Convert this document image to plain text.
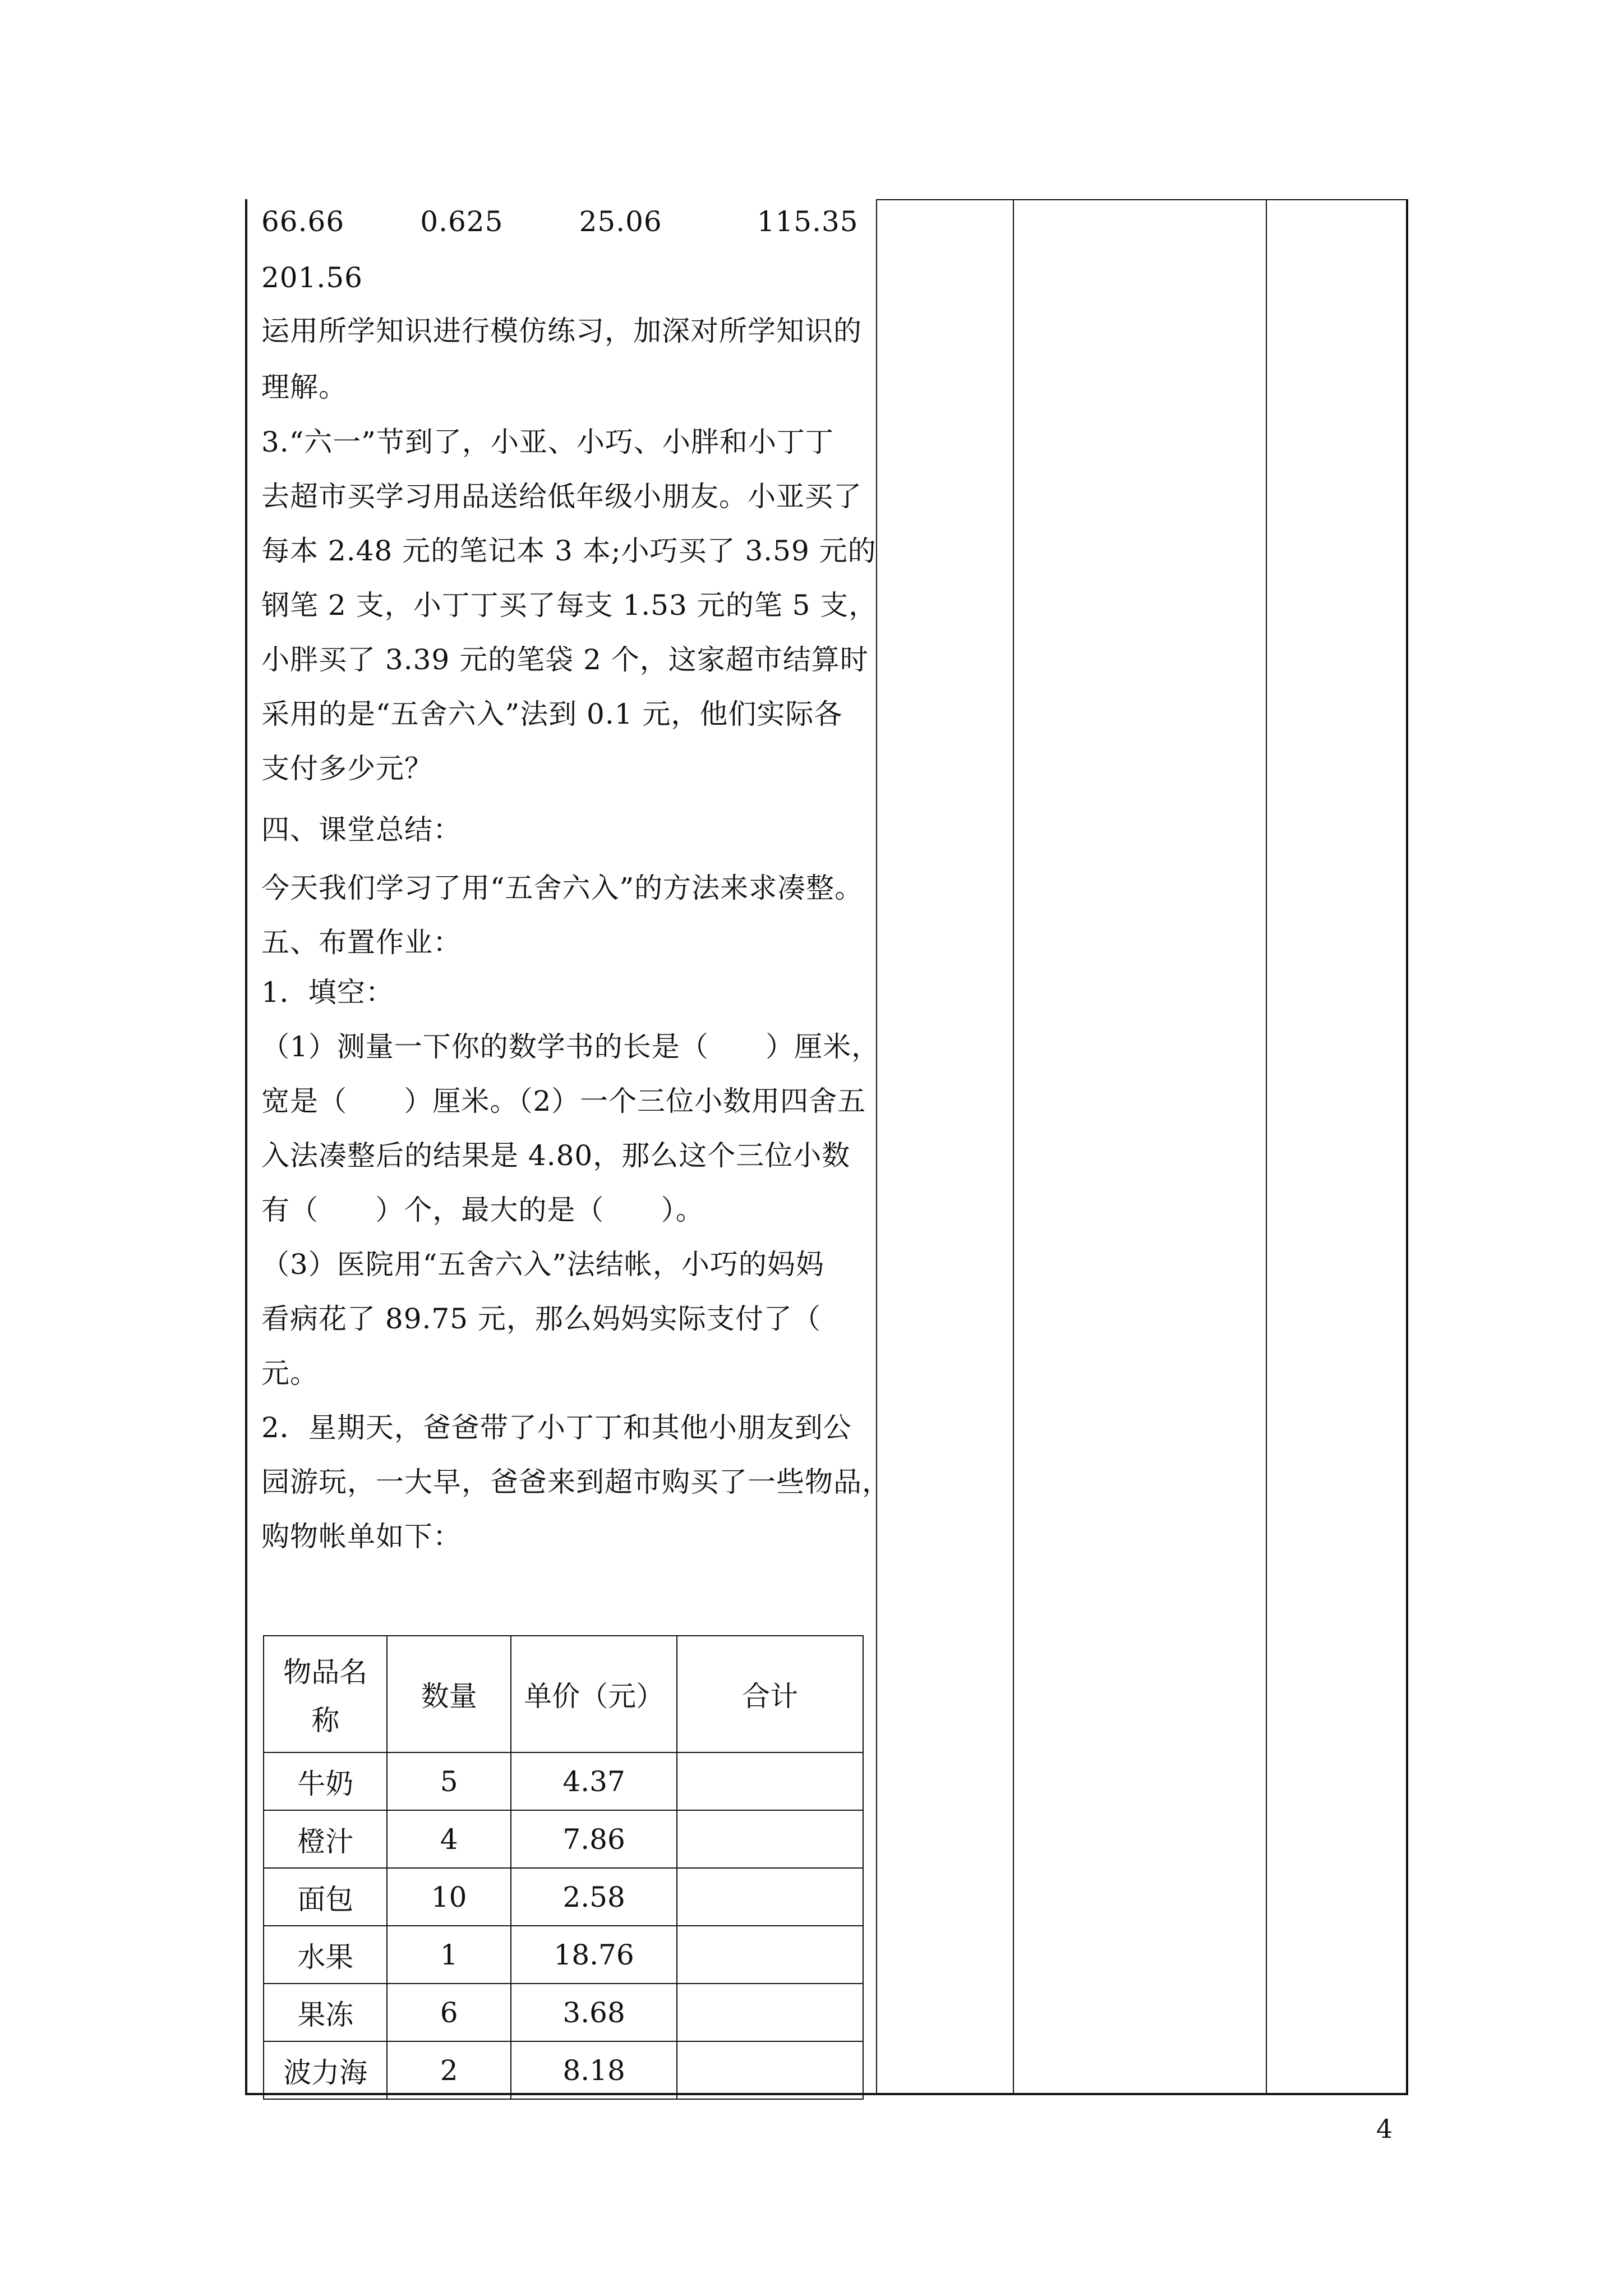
66.66        0.625        25.06          115.35
201.56
运用所学知识进行模仿练习，加深对所学知识的
理解。
3.“六一”节到了，小亚、小巧、小胖和小丁丁
去超市买学习用品送给低年级小朋友。小亚买了
每本 2.48 元的笔记本 3 本;小巧买了 3.59 元的
钢笔 2 支，小丁丁买了每支 1.53 元的笔 5 支，
小胖买了 3.39 元的笔袋 2 个，这家超市结算时
采用的是“五舍六入”法到 0.1 元，他们实际各
支付多少元？
四、课堂总结：
今天我们学习了用“五舍六入”的方法来求凑整。
五、布置作业：
1．填空：
（1）测量一下你的数学书的长是（      ）厘米，
宽是（      ）厘米。（2）一个三位小数用四舍五
入法凑整后的结果是 4.80，那么这个三位小数
有（      ）个，最大的是（      ）。
（3）医院用“五舍六入”法结帐，小巧的妈妈
看病花了 89.75 元，那么妈妈实际支付了（
元。
2．星期天，爸爸带了小丁丁和其他小朋友到公
园游玩，一大早，爸爸来到超市购买了一些物品，
购物帐单如下：
物品名
称	数量	单价（元）	合计
牛奶	5	4.37	
橙汁	4	7.86	
面包	10	2.58	
水果	1	18.76	
果冻	6	3.68	
波力海	2	8.18	
4
